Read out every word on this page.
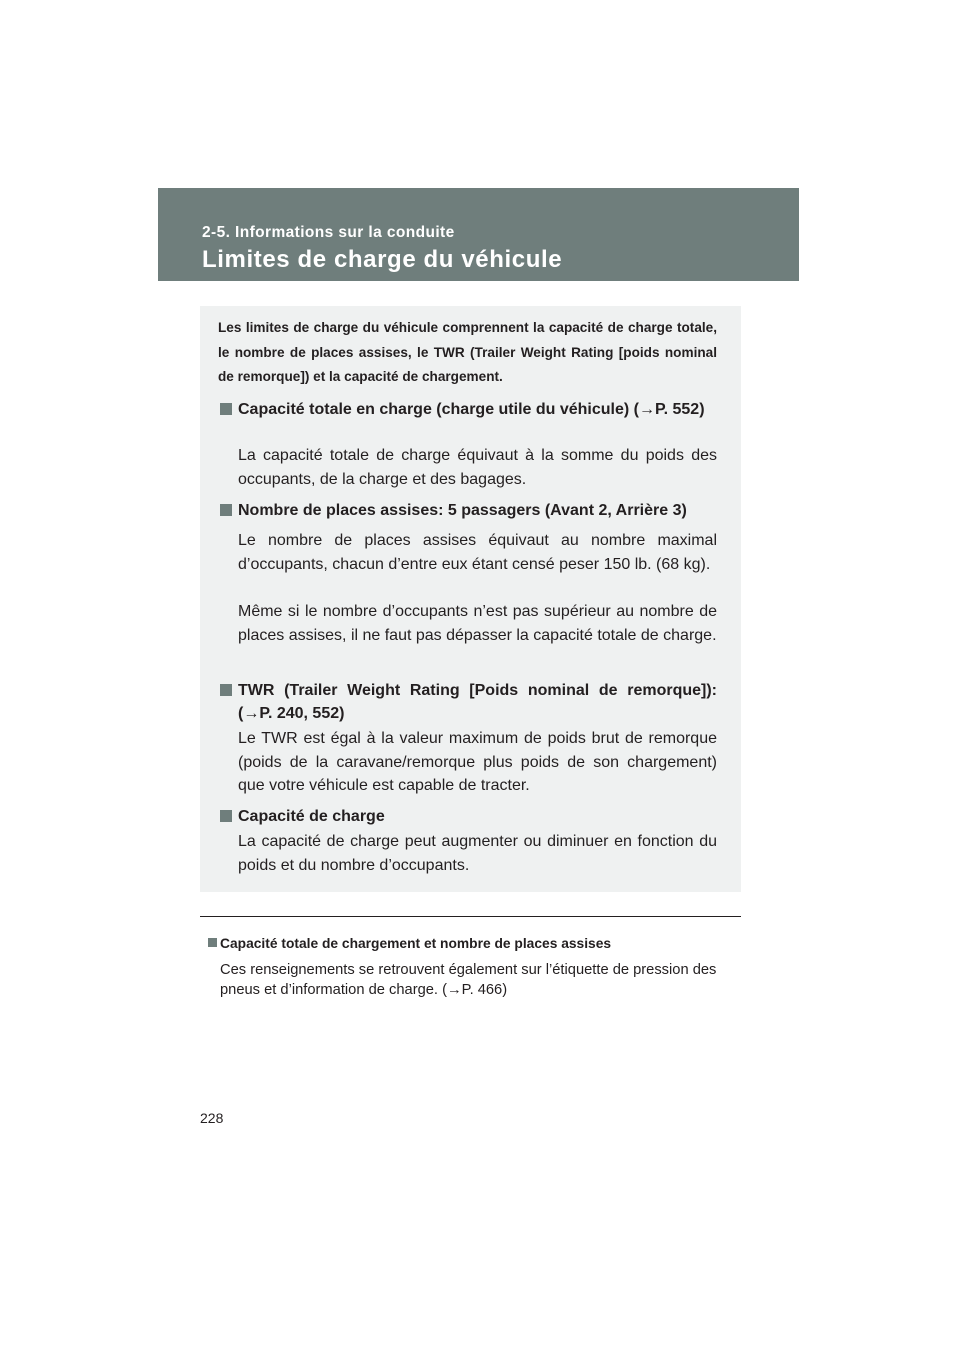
2-5. Informations sur la conduite
Limites de charge du véhicule
Les limites de charge du véhicule comprennent la capacité de charge totale, le nombre de places assises, le TWR (Trailer Weight Rating [poids nominal de remorque]) et la capacité de chargement.
Capacité totale en charge (charge utile du véhicule) (→P. 552)
La capacité totale de charge équivaut à la somme du poids des occupants, de la charge et des bagages.
Nombre de places assises: 5 passagers (Avant 2, Arrière 3)
Le nombre de places assises équivaut au nombre maximal d’occupants, chacun d’entre eux étant censé peser 150 lb. (68 kg).
Même si le nombre d’occupants n’est pas supérieur au nombre de places assises, il ne faut pas dépasser la capacité totale de charge.
TWR (Trailer Weight Rating [Poids nominal de remorque]): (→P. 240, 552)
Le TWR est égal à la valeur maximum de poids brut de remorque (poids de la caravane/remorque plus poids de son chargement) que votre véhicule est capable de tracter.
Capacité de charge
La capacité de charge peut augmenter ou diminuer en fonction du poids et du nombre d’occupants.
Capacité totale de chargement et nombre de places assises
Ces renseignements se retrouvent également sur l’étiquette de pression des pneus et d’information de charge. (→P. 466)
228
